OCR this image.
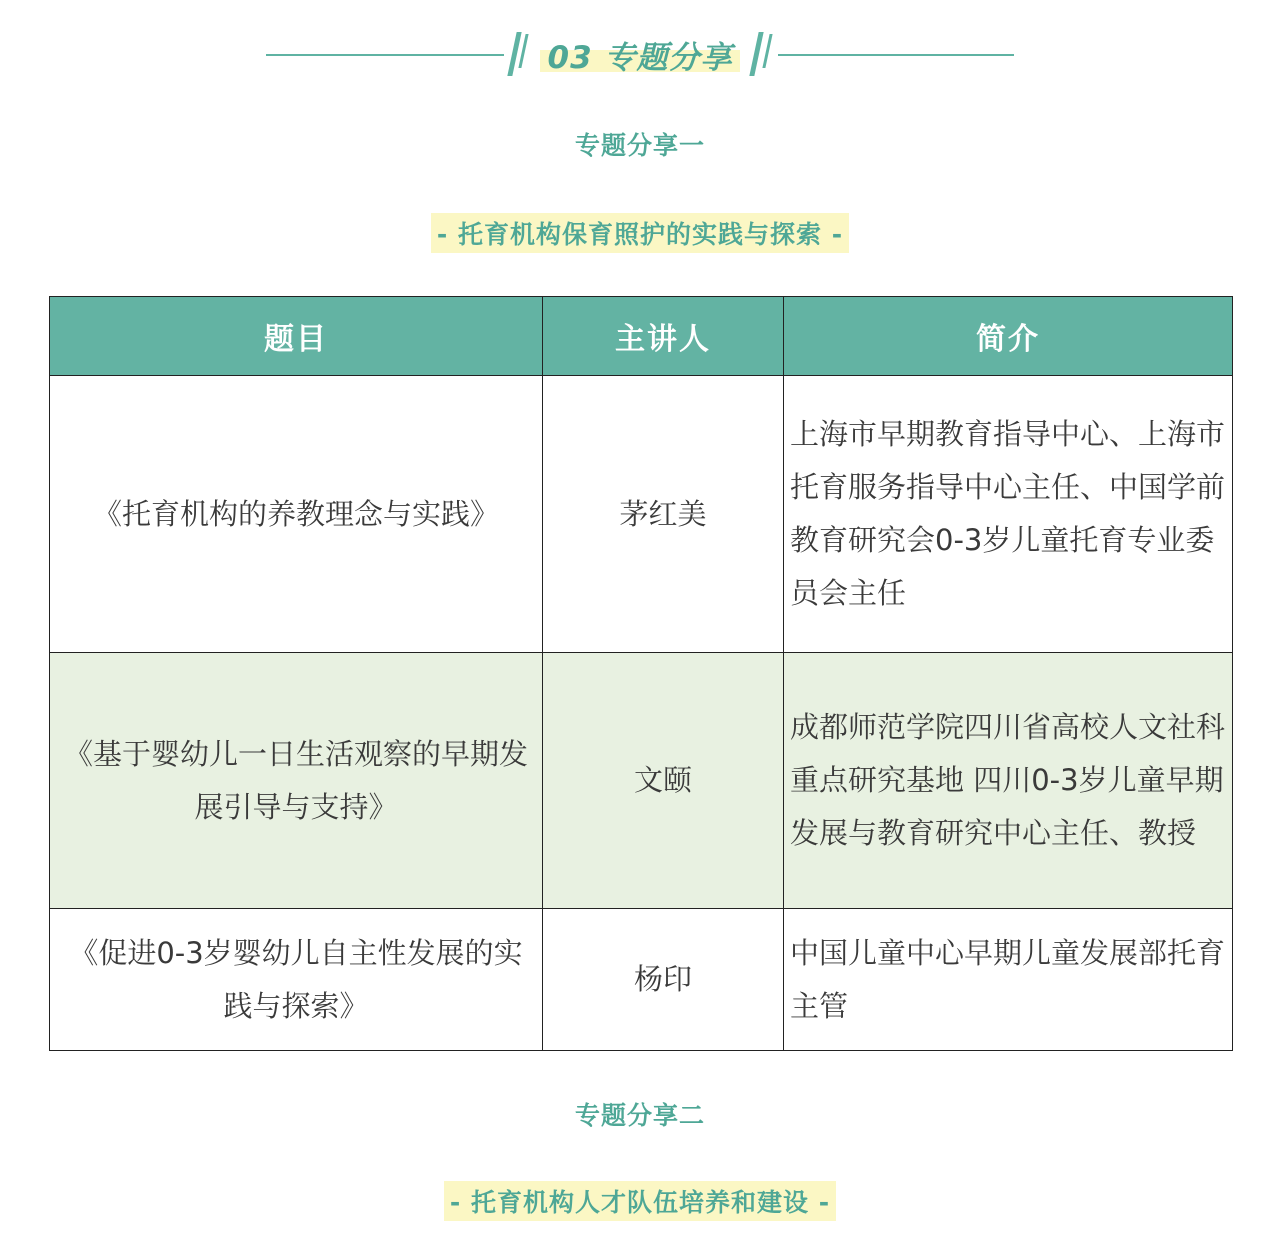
03 专题分享
专题分享一
- 托育机构保育照护的实践与探索 -
题目	主讲人	简介
《托育机构的养教理念与实践》	茅红美	上海市早期教育指导中心、上海市托育服务指导中心主任、中国学前教育研究会0-3岁儿童托育专业委员会主任
《基于婴幼儿一日生活观察的早期发展引导与支持》	文颐	成都师范学院四川省高校人文社科重点研究基地 四川0-3岁儿童早期发展与教育研究中心主任、教授
《促进0-3岁婴幼儿自主性发展的实践与探索》	杨印	中国儿童中心早期儿童发展部托育主管
专题分享二
- 托育机构人才队伍培养和建设 -
